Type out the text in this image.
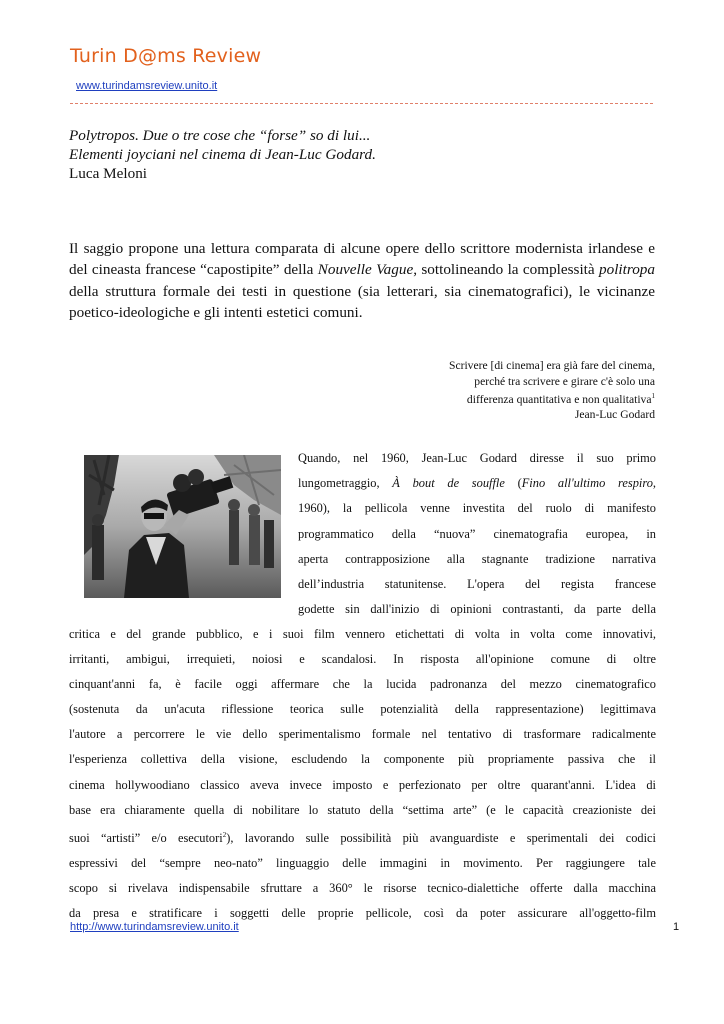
Turin D@ms Review
www.turindamsreview.unito.it
Polytropos. Due o tre cose che “forse” so di lui...
Elementi joyciani nel cinema di Jean-Luc Godard.
Luca Meloni
Il saggio propone una lettura comparata di alcune opere dello scrittore modernista irlandese e del cineasta francese “capostipite” della Nouvelle Vague, sottolineando la complessità politropa della struttura formale dei testi in questione (sia letterari, sia cinematografici), le vicinanze poetico-ideologiche e gli intenti estetici comuni.
Scrivere [di cinema] era già fare del cinema,
perché tra scrivere e girare c'è solo una
differenza quantitativa e non qualitativa$^1$
Jean-Luc Godard
Quando, nel 1960, Jean-Luc Godard diresse il suo primo
lungometraggio, À bout de souffle (Fino all'ultimo respiro,
1960), la pellicola venne investita del ruolo di manifesto
programmatico della “nuova” cinematografia europea, in
aperta contrapposizione alla stagnante tradizione narrativa
dell’industria statunitense. L'opera del regista francese
godette sin dall'inizio di opinioni contrastanti, da parte della
critica e del grande pubblico, e i suoi film vennero etichettati di volta in volta come innovativi,
irritanti, ambigui, irrequieti, noiosi e scandalosi. In risposta all'opinione comune di oltre
cinquant'anni fa, è facile oggi affermare che la lucida padronanza del mezzo cinematografico
(sostenuta da un'acuta riflessione teorica sulle potenzialità della rappresentazione) legittimava
l'autore a percorrere le vie dello sperimentalismo formale nel tentativo di trasformare radicalmente
l'esperienza collettiva della visione, escludendo la componente più propriamente passiva che il
cinema hollywoodiano classico aveva invece imposto e perfezionato per oltre quarant'anni. L'idea di
base era chiaramente quella di nobilitare lo statuto della “settima arte” (e le capacità creazioniste dei
suoi “artisti” e/o esecutori$^2$), lavorando sulle possibilità più avanguardiste e sperimentali dei codici
espressivi del “sempre neo-nato” linguaggio delle immagini in movimento. Per raggiungere tale
scopo si rivelava indispensabile sfruttare a 360° le risorse tecnico-dialettiche offerte dalla macchina
da presa e stratificare i soggetti delle proprie pellicole, così da poter assicurare all'oggetto-film
http://www.turindamsreview.unito.it	1
